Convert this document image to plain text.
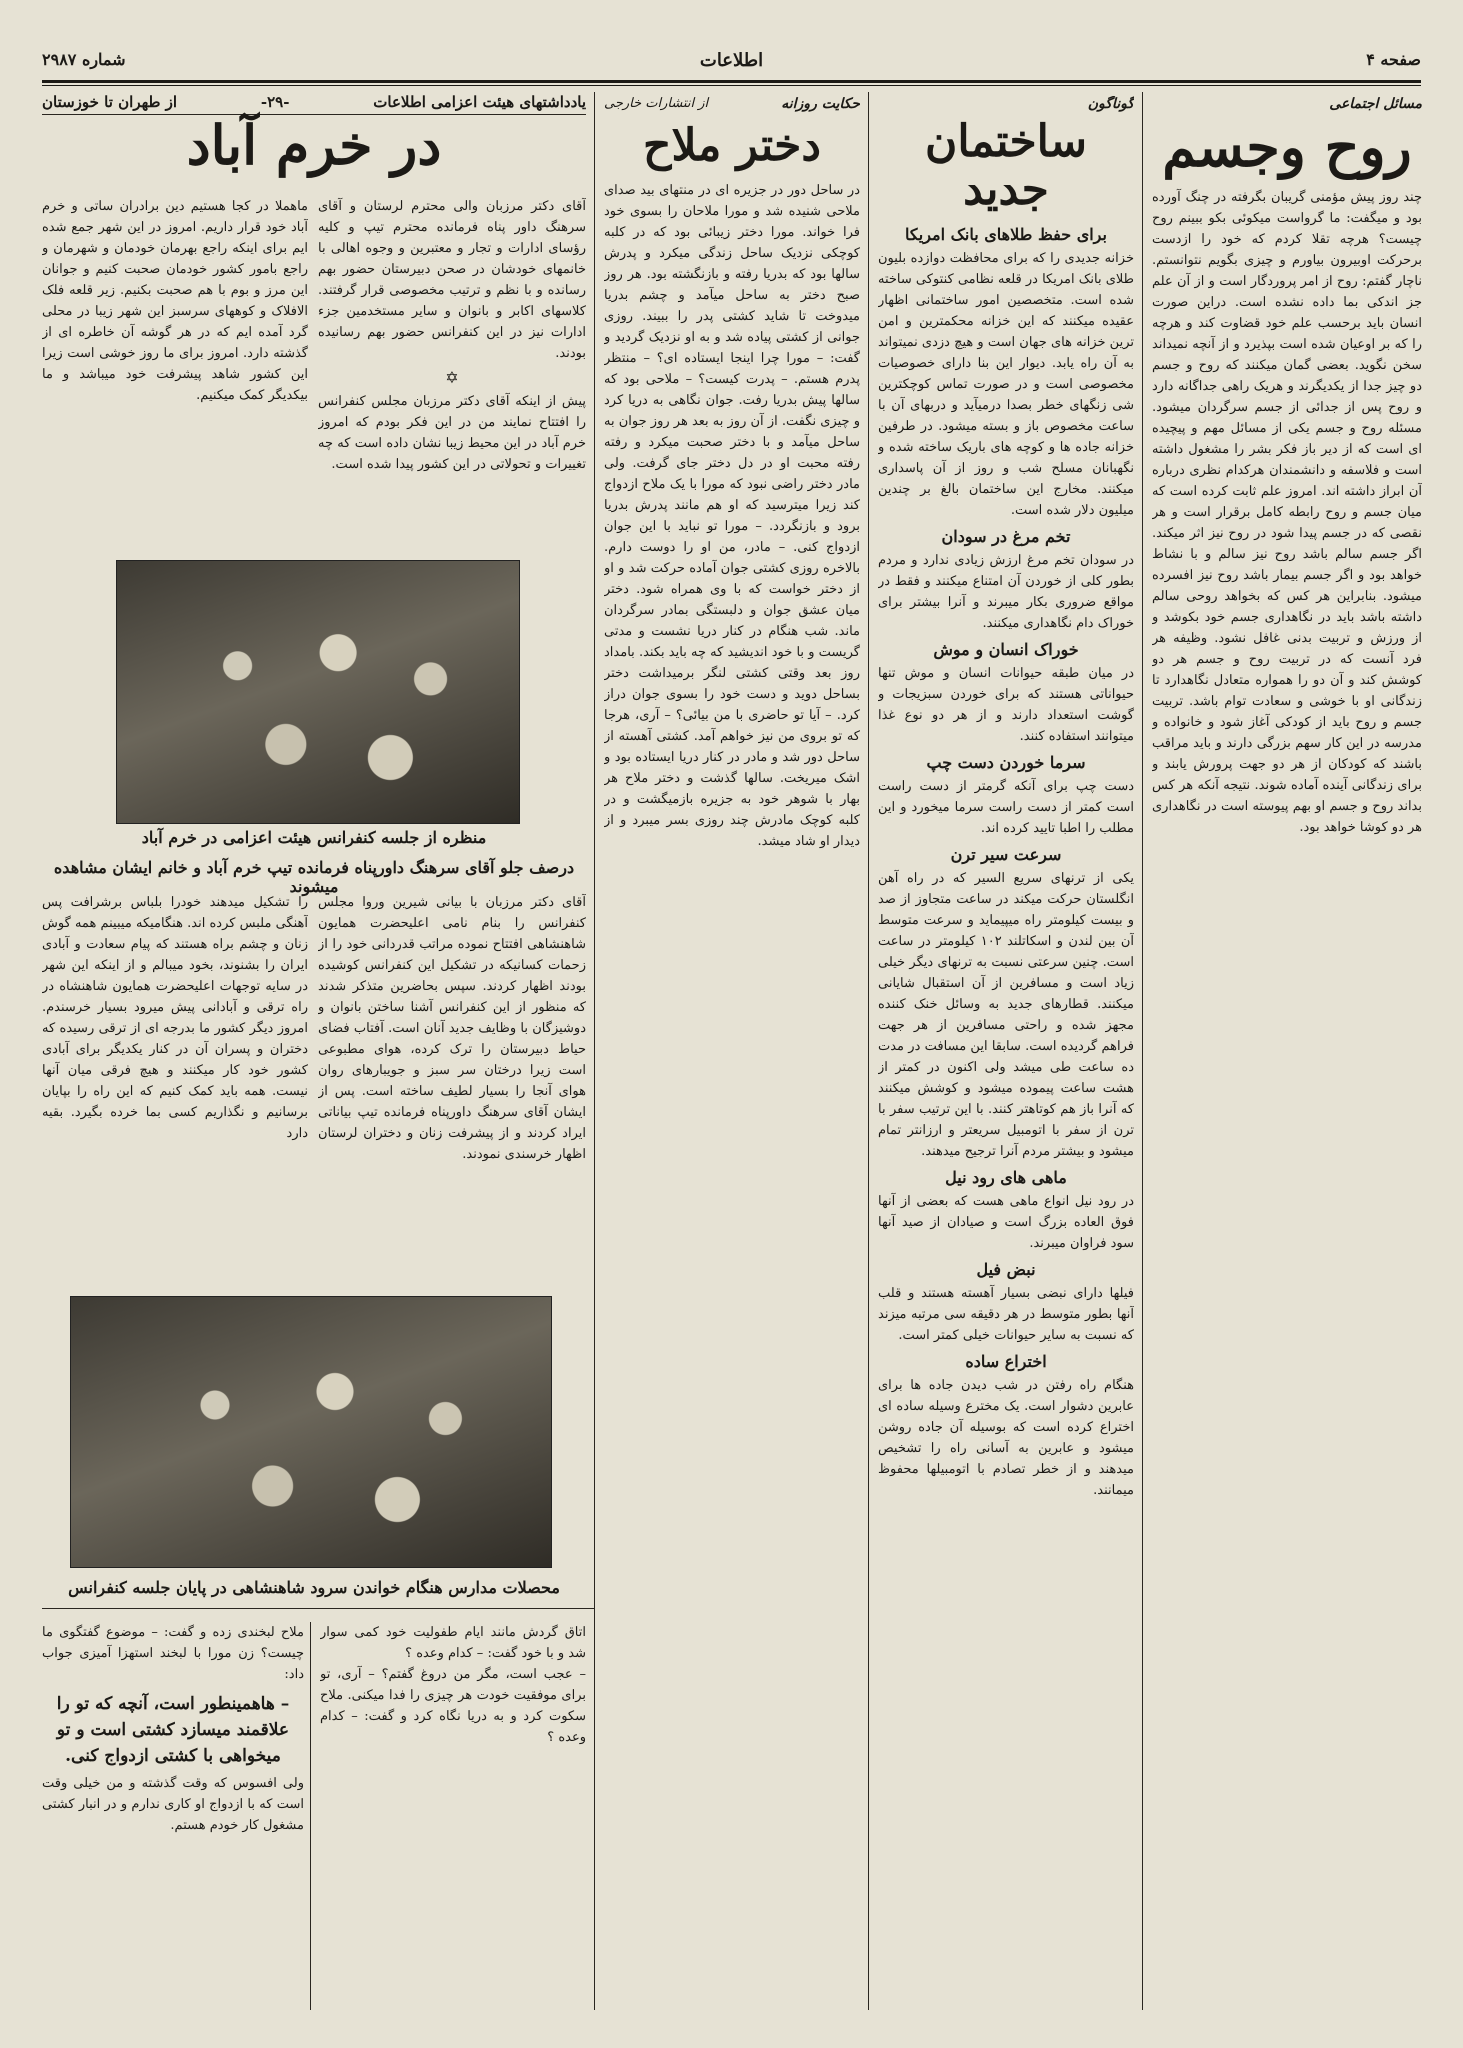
صفحه ۴
اطلاعات
شماره ۲۹۸۷
مسائل اجتماعی
روح وجسم
چند روز پیش مؤمنی گریبان بگرفته در چنگ آورده بود و میگفت: ما گرواست میکوئی بکو ببینم روح چیست؟ هرچه تقلا کردم که خود را ازدست برحرکت اوبیرون بیاورم و چیزی بگویم نتوانستم. ناچار گفتم: روح از امر پروردگار است و از آن علم جز اندکی بما داده نشده است. دراین صورت انسان باید برحسب علم خود قضاوت کند و هرچه را که بر اوعیان شده است بپذیرد و از آنچه نمیداند سخن نگوید. بعضی گمان میکنند که روح و جسم دو چیز جدا از یکدیگرند و هریک راهی جداگانه دارد و روح پس از جدائی از جسم سرگردان میشود. مسئله روح و جسم یکی از مسائل مهم و پیچیده ای است که از دیر باز فکر بشر را مشغول داشته است و فلاسفه و دانشمندان هرکدام نظری درباره آن ابراز داشته اند. امروز علم ثابت کرده است که میان جسم و روح رابطه کامل برقرار است و هر نقصی که در جسم پیدا شود در روح نیز اثر میکند. اگر جسم سالم باشد روح نیز سالم و با نشاط خواهد بود و اگر جسم بیمار باشد روح نیز افسرده میشود. بنابراین هر کس که بخواهد روحی سالم داشته باشد باید در نگاهداری جسم خود بکوشد و از ورزش و تربیت بدنی غافل نشود. وظیفه هر فرد آنست که در تربیت روح و جسم هر دو کوشش کند و آن دو را همواره متعادل نگاهدارد تا زندگانی او با خوشی و سعادت توام باشد. تربیت جسم و روح باید از کودکی آغاز شود و خانواده و مدرسه در این کار سهم بزرگی دارند و باید مراقب باشند که کودکان از هر دو جهت پرورش یابند و برای زندگانی آینده آماده شوند. نتیجه آنکه هر کس بداند روح و جسم او بهم پیوسته است در نگاهداری هر دو کوشا خواهد بود.
گوناگون
ساختمان جدید
برای حفظ طلاهای بانک امریکا
خزانه جدیدی را که برای محافظت دوازده بلیون طلای بانک امریکا در قلعه نظامی کنتوکی ساخته شده است. متخصصین امور ساختمانی اظهار عقیده میکنند که این خزانه محکمترین و امن ترین خزانه های جهان است و هیچ دزدی نمیتواند به آن راه یابد. دیوار این بنا دارای خصوصیات مخصوصی است و در صورت تماس کوچکترین شی زنگهای خطر بصدا درمیآید و دربهای آن با ساعت مخصوص باز و بسته میشود. در طرفین خزانه جاده ها و کوچه های باریک ساخته شده و نگهبانان مسلح شب و روز از آن پاسداری میکنند. مخارج این ساختمان بالغ بر چندین میلیون دلار شده است.
تخم مرغ در سودان
در سودان تخم مرغ ارزش زیادی ندارد و مردم بطور کلی از خوردن آن امتناع میکنند و فقط در مواقع ضروری بکار میبرند و آنرا بیشتر برای خوراک دام نگاهداری میکنند.
خوراک انسان و موش
در میان طبقه حیوانات انسان و موش تنها حیواناتی هستند که برای خوردن سبزیجات و گوشت استعداد دارند و از هر دو نوع غذا میتوانند استفاده کنند.
سرما خوردن دست چپ
دست چپ برای آنکه گرمتر از دست راست است کمتر از دست راست سرما میخورد و این مطلب را اطبا تایید کرده اند.
سرعت سیر ترن
یکی از ترنهای سریع السیر که در راه آهن انگلستان حرکت میکند در ساعت متجاوز از صد و بیست کیلومتر راه میپیماید و سرعت متوسط آن بین لندن و اسکاتلند ۱۰۲ کیلومتر در ساعت است. چنین سرعتی نسبت به ترنهای دیگر خیلی زیاد است و مسافرین از آن استقبال شایانی میکنند. قطارهای جدید به وسائل خنک کننده مجهز شده و راحتی مسافرین از هر جهت فراهم گردیده است. سابقا این مسافت در مدت ده ساعت طی میشد ولی اکنون در کمتر از هشت ساعت پیموده میشود و کوشش میکنند که آنرا باز هم کوتاهتر کنند. با این ترتیب سفر با ترن از سفر با اتومبیل سریعتر و ارزانتر تمام میشود و بیشتر مردم آنرا ترجیح میدهند.
ماهی های رود نیل
در رود نیل انواع ماهی هست که بعضی از آنها فوق العاده بزرگ است و صیادان از صید آنها سود فراوان میبرند.
نبض فیل
فیلها دارای نبضی بسیار آهسته هستند و قلب آنها بطور متوسط در هر دقیقه سی مرتبه میزند که نسبت به سایر حیوانات خیلی کمتر است.
اختراع ساده
هنگام راه رفتن در شب دیدن جاده ها برای عابرین دشوار است. یک مخترع وسیله ساده ای اختراع کرده است که بوسیله آن جاده روشن میشود و عابرین به آسانی راه را تشخیص میدهند و از خطر تصادم با اتومبیلها محفوظ میمانند.
حکایت روزانه
از انتشارات خارجی
دختر ملاح
در ساحل دور در جزیره ای در منتهای بید صدای ملاحی شنیده شد و مورا ملاحان را بسوی خود فرا خواند. مورا دختر زیبائی بود که در کلبه کوچکی نزدیک ساحل زندگی میکرد و پدرش سالها بود که بدریا رفته و بازنگشته بود. هر روز صبح دختر به ساحل میآمد و چشم بدریا میدوخت تا شاید کشتی پدر را ببیند. روزی جوانی از کشتی پیاده شد و به او نزدیک گردید و گفت: – مورا چرا اینجا ایستاده ای؟ – منتظر پدرم هستم. – پدرت کیست؟ – ملاحی بود که سالها پیش بدریا رفت. جوان نگاهی به دریا کرد و چیزی نگفت. از آن روز به بعد هر روز جوان به ساحل میآمد و با دختر صحبت میکرد و رفته رفته محبت او در دل دختر جای گرفت. ولی مادر دختر راضی نبود که مورا با یک ملاح ازدواج کند زیرا میترسید که او هم مانند پدرش بدریا برود و بازنگردد. – مورا تو نباید با این جوان ازدواج کنی. – مادر، من او را دوست دارم. بالاخره روزی کشتی جوان آماده حرکت شد و او از دختر خواست که با وی همراه شود. دختر میان عشق جوان و دلبستگی بمادر سرگردان ماند. شب هنگام در کنار دریا نشست و مدتی گریست و با خود اندیشید که چه باید بکند. بامداد روز بعد وقتی کشتی لنگر برمیداشت دختر بساحل دوید و دست خود را بسوی جوان دراز کرد. – آیا تو حاضری با من بیائی؟ – آری، هرجا که تو بروی من نیز خواهم آمد. کشتی آهسته از ساحل دور شد و مادر در کنار دریا ایستاده بود و اشک میریخت. سالها گذشت و دختر ملاح هر بهار با شوهر خود به جزیره بازمیگشت و در کلبه کوچک مادرش چند روزی بسر میبرد و از دیدار او شاد میشد.
یادداشتهای هیئت اعزامی اطلاعات
-۲۹-
از طهران تا خوزستان
در خرم آباد
آقای دکتر مرزبان والی محترم لرستان و آقای سرهنگ داور پناه فرمانده محترم تیپ و کلیه رؤسای ادارات و تجار و معتبرین و وجوه اهالی با خانمهای خودشان در صحن دبیرستان حضور بهم رسانده و با نظم و ترتیب مخصوصی قرار گرفتند. کلاسهای اکابر و بانوان و سایر مستخدمین جزء ادارات نیز در این کنفرانس حضور بهم رسانیده بودند.
✡
پیش از اینکه آقای دکتر مرزبان مجلس کنفرانس را افتتاح نمایند من در این فکر بودم که امروز خرم آباد در این محیط زیبا نشان داده است که چه تغییرات و تحولاتی در این کشور پیدا شده است.
ماهملا در کجا هستیم دین برادران ساتی و خرم آباد خود قرار داریم. امروز در این شهر جمع شده ایم برای اینکه راجع بهرمان خودمان و شهرمان و راجع بامور کشور خودمان صحبت کنیم و جوانان این مرز و بوم با هم صحبت بکنیم. زیر قلعه فلک الافلاک و کوههای سرسبز این شهر زیبا در محلی گرد آمده ایم که در هر گوشه آن خاطره ای از گذشته دارد. امروز برای ما روز خوشی است زیرا این کشور شاهد پیشرفت خود میباشد و ما بیکدیگر کمک میکنیم.
منظره از جلسه کنفرانس هیئت اعزامی در خرم آباد
درصف جلو آقای سرهنگ داورپناه فرمانده تیپ خرم آباد و خانم ایشان مشاهده میشوند
آقای دکتر مرزبان با بیانی شیرین وروا مجلس کنفرانس را بنام نامی اعلیحضرت همایون شاهنشاهی افتتاح نموده مراتب قدردانی خود را از زحمات کسانیکه در تشکیل این کنفرانس کوشیده بودند اظهار کردند. سپس بحاضرین متذکر شدند که منظور از این کنفرانس آشنا ساختن بانوان و دوشیزگان با وظایف جدید آنان است. آفتاب فضای حیاط دبیرستان را ترک کرده، هوای مطبوعی است زیرا درختان سر سبز و جویبارهای روان هوای آنجا را بسیار لطیف ساخته است. پس از ایشان آقای سرهنگ داورپناه فرمانده تیپ بیاناتی ایراد کردند و از پیشرفت زنان و دختران لرستان اظهار خرسندی نمودند.
را تشکیل میدهند خودرا بلباس برشرافت پس آهنگی ملبس کرده اند. هنگامیکه میبینم همه گوش زنان و چشم براه هستند که پیام سعادت و آبادی ایران را بشنوند، بخود میبالم و از اینکه این شهر در سایه توجهات اعلیحضرت همایون شاهنشاه در راه ترقی و آبادانی پیش میرود بسیار خرسندم. امروز دیگر کشور ما بدرجه ای از ترقی رسیده که دختران و پسران آن در کنار یکدیگر برای آبادی کشور خود کار میکنند و هیچ فرقی میان آنها نیست. همه باید کمک کنیم که این راه را بپایان برسانیم و نگذاریم کسی بما خرده بگیرد. بقیه دارد
محصلات مدارس هنگام خواندن سرود شاهنشاهی در پایان جلسه کنفرانس
اتاق گردش مانند ایام طفولیت خود کمی سوار شد و با خود گفت: – کدام وعده ؟
– عجب است، مگر من دروغ گفتم؟ – آری، تو برای موفقیت خودت هر چیزی را فدا میکنی. ملاح سکوت کرد و به دریا نگاه کرد و گفت: – کدام وعده ؟
ملاح لبخندی زده و گفت: – موضوع گفتگوی ما چیست؟ زن مورا با لبخند استهزا آمیزی جواب داد:
– هاهمینطور است، آنچه که تو را علاقمند میسازد کشتی است و تو میخواهی با کشتی ازدواج کنی.
ولی افسوس که وقت گذشته و من خیلی وقت است که با ازدواج او کاری ندارم و در انبار کشتی مشغول کار خودم هستم.
